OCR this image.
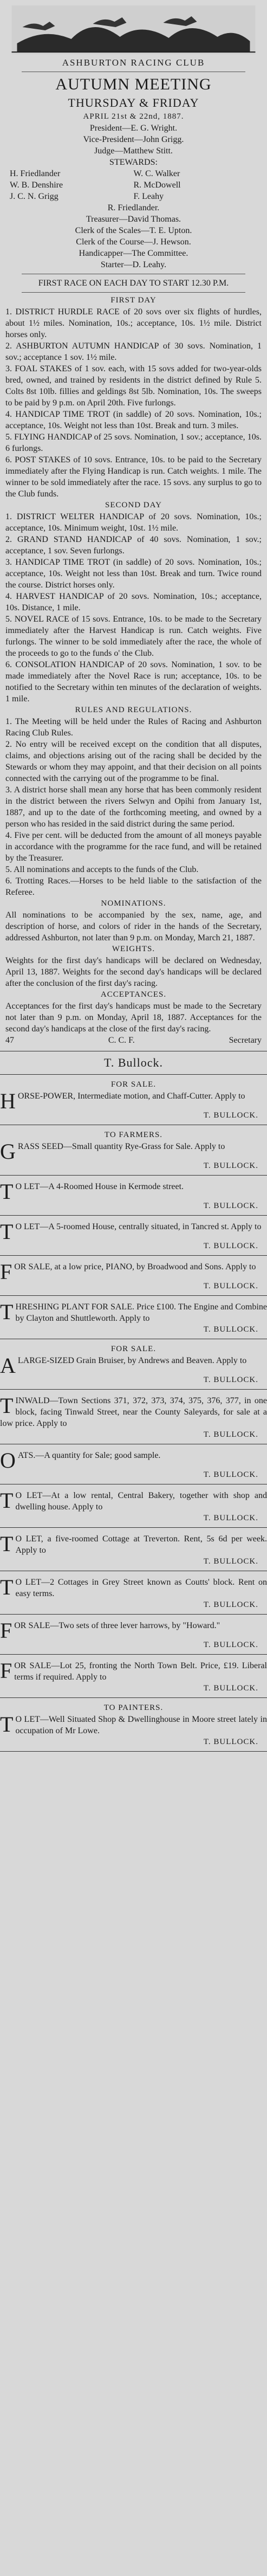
ASHBURTON RACING CLUB
AUTUMN MEETING
THURSDAY & FRIDAY
APRIL 21st & 22nd, 1887.
President—E. G. Wright.
Vice-President—John Grigg.
Judge—Matthew Stitt.
STEWARDS:
H. Friedlander	W. C. Walker
W. B. Denshire	R. McDowell
J. C. N. Grigg	F. Leahy
R. Friedlander.
Treasurer—David Thomas.
Clerk of the Scales—T. E. Upton.
Clerk of the Course—J. Hewson.
Handicapper—The Committee.
Starter—D. Leahy.
FIRST RACE ON EACH DAY TO START 12.30 P.M.
FIRST DAY

1. DISTRICT HURDLE RACE of 20 sovs over six flights of hurdles, about 1½ miles. Nomination, 10s.; acceptance, 10s. 1½ mile. District horses only.

2. ASHBURTON AUTUMN HANDICAP of 30 sovs. Nomination, 1 sov.; acceptance 1 sov. 1½ mile.

3. FOAL STAKES of 1 sov. each, with 15 sovs added for two-year-olds bred, owned, and trained by residents in the district defined by Rule 5. Colts 8st 10lb. fillies and geldings 8st 5lb. Nomination, 10s. The sweeps to be paid by 9 p.m. on April 20th. Five furlongs.

4. HANDICAP TIME TROT (in saddle) of 20 sovs. Nomination, 10s.; acceptance, 10s. Weight not less than 10st. Break and turn. 3 miles.

5. FLYING HANDICAP of 25 sovs. Nomination, 1 sov.; acceptance, 10s. 6 furlongs.

6. POST STAKES of 10 sovs. Entrance, 10s. to be paid to the Secretary immediately after the Flying Handicap is run. Catch weights. 1 mile. The winner to be sold immediately after the race. 15 sovs. any surplus to go to the Club funds.

SECOND DAY

1. DISTRICT WELTER HANDICAP of 20 sovs. Nomination, 10s.; acceptance, 10s. Minimum weight, 10st. 1½ mile.

2. GRAND STAND HANDICAP of 40 sovs. Nomination, 1 sov.; acceptance, 1 sov. Seven furlongs.

3. HANDICAP TIME TROT (in saddle) of 20 sovs. Nomination, 10s.; acceptance, 10s. Weight not less than 10st. Break and turn. Twice round the course. District horses only.

4. HARVEST HANDICAP of 20 sovs. Nomination, 10s.; acceptance, 10s. Distance, 1 mile.

5. NOVEL RACE of 15 sovs. Entrance, 10s. to be made to the Secretary immediately after the Harvest Handicap is run. Catch weights. Five furlongs. The winner to be sold immediately after the race, the whole of the proceeds to go to the funds o' the Club.

6. CONSOLATION HANDICAP of 20 sovs. Nomination, 1 sov. to be made immediately after the Novel Race is run; acceptance, 10s. to be notified to the Secretary within ten minutes of the declaration of weights. 1 mile.

RULES AND REGULATIONS.

1. The Meeting will be held under the Rules of Racing and Ashburton Racing Club Rules.

2. No entry will be received except on the condition that all disputes, claims, and objections arising out of the racing shall be decided by the Stewards or whom they may appoint, and that their decision on all points connected with the carrying out of the programme to be final.

3. A district horse shall mean any horse that has been commonly resident in the district between the rivers Selwyn and Opihi from January 1st, 1887, and up to the date of the forthcoming meeting, and owned by a person who has resided in the said district during the same period.

4. Five per cent. will be deducted from the amount of all moneys payable in accordance with the programme for the race fund, and will be retained by the Treasurer.

5. All nominations and accepts to the funds of the Club.

6. Trotting Races.—Horses to be held liable to the satisfaction of the Referee.

NOMINATIONS.

All nominations to be accompanied by the sex, name, age, and description of horse, and colors of rider in the hands of the Secretary, addressed Ashburton, not later than 9 p.m. on Monday, March 21, 1887.

WEIGHTS.

Weights for the first day's handicaps will be declared on Wednesday, April 13, 1887. Weights for the second day's handicaps will be declared after the conclusion of the first day's racing.

ACCEPTANCES.

Acceptances for the first day's handicaps must be made to the Secretary not later than 9 p.m. on Monday, April 18, 1887. Acceptances for the second day's handicaps at the close of the first day's racing.

47	C. C. F.	Secretary
T. Bullock.
FOR SALE.

HORSE-POWER, Intermediate motion, and Chaff-Cutter. Apply to

T. BULLOCK.
TO FARMERS.

GRASS SEED—Small quantity Rye-Grass for Sale. Apply to

T. BULLOCK.

T O LET—A 4-Roomed House in Kermode street.

T. BULLOCK.

T O LET—A 5-roomed House, centrally situated, in Tancred st. Apply to

T. BULLOCK.

FOR SALE, at a low price, PIANO, by Broadwood and Sons. Apply to

T. BULLOCK.

THRESHING PLANT FOR SALE. Price £100. The Engine and Combine by Clayton and Shuttleworth. Apply to

T. BULLOCK.
FOR SALE.

ALARGE-SIZED Grain Bruiser, by Andrews and Beaven. Apply to

T. BULLOCK.

TINWALD—Town Sections 371, 372, 373, 374, 375, 376, 377, in one block, facing Tinwald Street, near the County Saleyards, for sale at a low price. Apply to

T. BULLOCK.

OATS.—A quantity for Sale; good sample.

T. BULLOCK.

T O LET—At a low rental, Central Bakery, together with shop and dwelling house. Apply to

T. BULLOCK.

T O LET, a five-roomed Cottage at Treverton. Rent, 5s 6d per week. Apply to

T. BULLOCK.

T O LET—2 Cottages in Grey Street known as Coutts' block. Rent on easy terms.

T. BULLOCK.

FOR SALE—Two sets of three lever harrows, by "Howard."

T. BULLOCK.

FOR SALE—Lot 25, fronting the North Town Belt. Price, £19. Liberal terms if required. Apply to

T. BULLOCK.
TO PAINTERS.

T O LET—Well Situated Shop & Dwellinghouse in Moore street lately in occupation of Mr Lowe.

T. BULLOCK.
